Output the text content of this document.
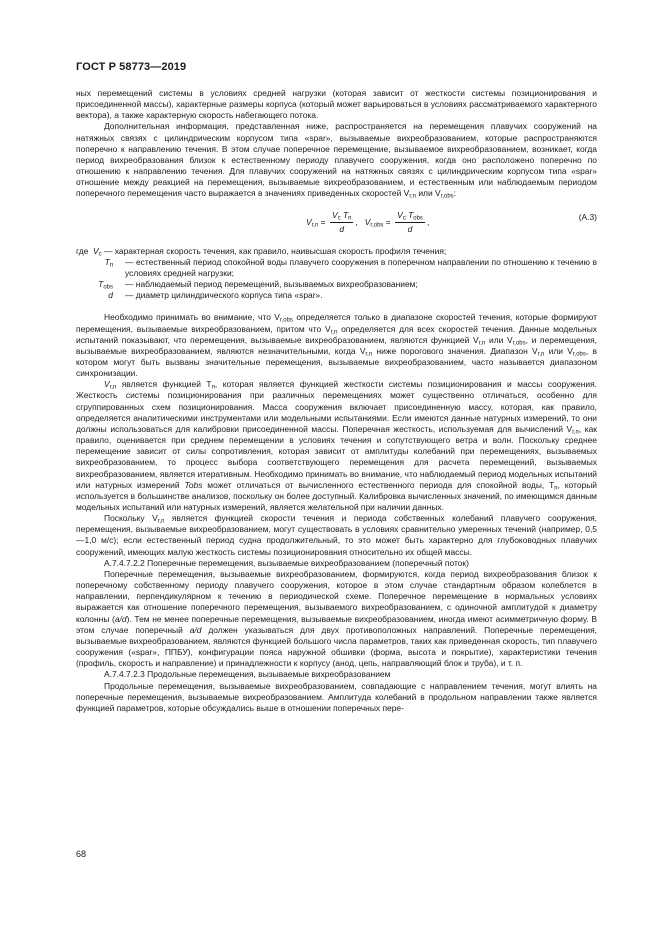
ГОСТ Р 58773—2019

ных перемещений системы в условиях средней нагрузки (которая зависит от жесткости системы позиционирования и присоединенной массы), характерные размеры корпуса (который может варьироваться в условиях рассматриваемого характерного вектора), а также характерную скорость набегающего потока.

Дополнительная информация, представленная ниже, распространяется на перемещения плавучих сооружений на натяжных связях с цилиндрическим корпусом типа «spar», вызываемые вихреобразованием, которые распространяются поперечно к направлению течения. В этом случае поперечное перемещение, вызываемое вихреобразованием, возникает, когда период вихреобразования близок к естественному периоду плавучего сооружения, когда оно расположено поперечно по отношению к направлению течения. Для плавучих сооружений на натяжных связях с цилиндрическим корпусом типа «spar» отношение между реакцией на перемещения, вызываемые вихреобразованием, и естественным или наблюдаемым периодом поперечного перемещения часто выражается в значениях приведенных скоростей $V_{r,n}$ или $V_{r,obs}$:

$V_{r,n} = \frac{V_c T_п}{d}$ , $V_{r,obs} = \frac{V_c T_{obs}}{d}$ ,	(A.3)
где $V_c$ — характерная скорость течения, как правило, наивысшая скорость профиля течения;
$T_п$ — естественный период спокойной воды плавучего сооружения в поперечном направлении по отношению к течению в условиях средней нагрузки;
$T_{obs}$ — наблюдаемый период перемещений, вызываемых вихреобразованием;
d — диаметр цилиндрического корпуса типа «spar».

Необходимо принимать во внимание, что $V_{r,obs}$ определяется только в диапазоне скоростей течения, которые формируют перемещения, вызываемые вихреобразованием, притом что $V_{r,n}$ определяется для всех скоростей течения. Данные модельных испытаний показывают, что перемещения, вызываемые вихреобразованием, являются функцией $V_{r,n}$ или $V_{r,obs}$, и перемещения, вызываемые вихреобразованием, являются незначительными, когда $V_{r,n}$ ниже порогового значения. Диапазон $V_{r,n}$ или $V_{r,obs}$, в котором могут быть вызваны значительные перемещения, вызываемые вихреобразованием, часто называется диапазоном синхронизации.

$V_{r,п}$ является функцией $T_п$, которая является функцией жесткости системы позиционирования и массы сооружения. Жесткость системы позиционирования при различных перемещениях может существенно отличаться, особенно для сгруппированных схем позиционирования. Масса сооружения включает присоединенную массу, которая, как правило, определяется аналитическими инструментами или модельными испытаниями. Если имеются данные натурных измерений, то они должны использоваться для калибровки присоединенной массы. Поперечная жесткость, используемая для вычислений $V_{r,п}$, как правило, оценивается при среднем перемещении в условиях течения и сопутствующего ветра и волн. Поскольку среднее перемещение зависит от силы сопротивления, которая зависит от амплитуды колебаний при перемещениях, вызываемых вихреобразованием, то процесс выбора соответствующего перемещения для расчета перемещений, вызываемых вихреобразованием, является итеративным. Необходимо принимать во внимание, что наблюдаемый период модельных испытаний или натурных измерений Tobs может отличаться от вычисленного естественного периода для спокойной воды, $T_п$, который используется в большинстве анализов, поскольку он более доступный. Калибровка вычисленных значений, по имеющимся данным модельных испытаний или натурных измерений, является желательной при наличии данных.

Поскольку $V_{r,п}$ является функцией скорости течения и периода собственных колебаний плавучего сооружения, перемещения, вызываемые вихреобразованием, могут существовать в условиях сравнительно умеренных течений (например, 0,5—1,0 м/с); если естественный период судна продолжительный, то это может быть характерно для глубоководных плавучих сооружений, имеющих малую жесткость системы позиционирования относительно их общей массы.

А.7.4.7.2.2 Поперечные перемещения, вызываемые вихреобразованием (поперечный поток)

Поперечные перемещения, вызываемые вихреобразованием, формируются, когда период вихреобразования близок к поперечному собственному периоду плавучего сооружения, которое в этом случае стандартным образом колеблется в направлении, перпендикулярном к течению в периодической схеме. Поперечное перемещение в нормальных условиях выражается как отношение поперечного перемещения, вызываемого вихреобразованием, с одиночной амплитудой к диаметру колонны (a/d). Тем не менее поперечные перемещения, вызываемые вихреобразованием, иногда имеют асимметричную форму. В этом случае поперечный a/d должен указываться для двух противоположных направлений. Поперечные перемещения, вызываемые вихреобразованием, являются функцией большого числа параметров, таких как приведенная скорость, тип плавучего сооружения («spar», ППБУ), конфигурации пояса наружной обшивки (форма, высота и покрытие), характеристики течения (профиль, скорость и направление) и принадлежности к корпусу (анод, цепь, направляющий блок и труба), и т. п.

А.7.4.7.2.3 Продольные перемещения, вызываемые вихреобразованием

Продольные перемещения, вызываемые вихреобразованием, совпадающие с направлением течения, могут влиять на поперечные перемещения, вызываемые вихреобразованием. Амплитуда колебаний в продольном направлении также является функцией параметров, которые обсуждались выше в отношении поперечных пере-

68
